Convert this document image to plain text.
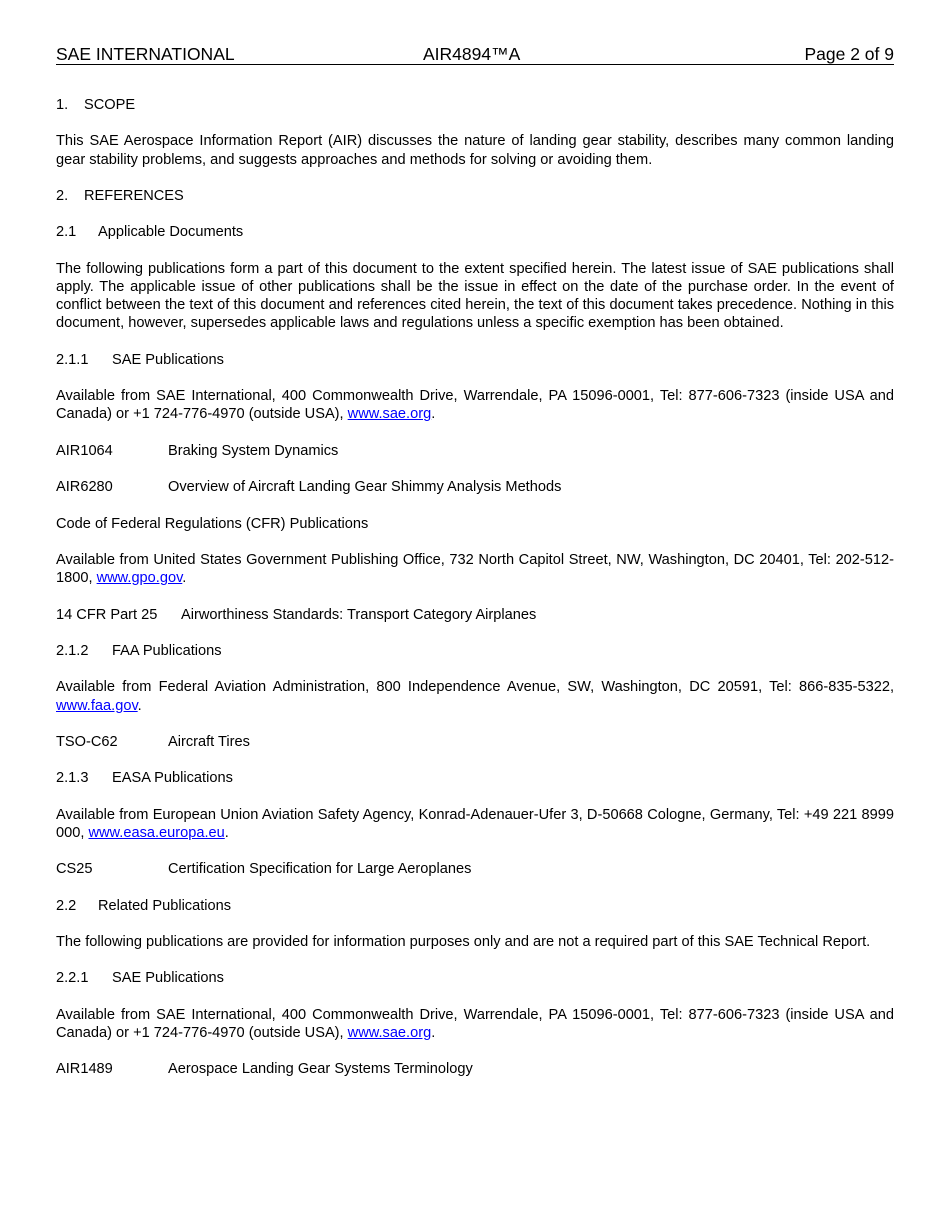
SAE INTERNATIONAL	AIR4894™A	Page 2 of 9
1. SCOPE
This SAE Aerospace Information Report (AIR) discusses the nature of landing gear stability, describes many common landing gear stability problems, and suggests approaches and methods for solving or avoiding them.
2. REFERENCES
2.1 Applicable Documents
The following publications form a part of this document to the extent specified herein. The latest issue of SAE publications shall apply. The applicable issue of other publications shall be the issue in effect on the date of the purchase order. In the event of conflict between the text of this document and references cited herein, the text of this document takes precedence. Nothing in this document, however, supersedes applicable laws and regulations unless a specific exemption has been obtained.
2.1.1 SAE Publications
Available from SAE International, 400 Commonwealth Drive, Warrendale, PA 15096-0001, Tel: 877-606-7323 (inside USA and Canada) or +1 724-776-4970 (outside USA), www.sae.org.
AIR1064	Braking System Dynamics
AIR6280	Overview of Aircraft Landing Gear Shimmy Analysis Methods
Code of Federal Regulations (CFR) Publications
Available from United States Government Publishing Office, 732 North Capitol Street, NW, Washington, DC 20401, Tel: 202-512-1800, www.gpo.gov.
14 CFR Part 25	Airworthiness Standards: Transport Category Airplanes
2.1.2 FAA Publications
Available from Federal Aviation Administration, 800 Independence Avenue, SW, Washington, DC 20591, Tel: 866-835-5322, www.faa.gov.
TSO-C62	Aircraft Tires
2.1.3 EASA Publications
Available from European Union Aviation Safety Agency, Konrad-Adenauer-Ufer 3, D-50668 Cologne, Germany, Tel: +49 221 8999 000, www.easa.europa.eu.
CS25	Certification Specification for Large Aeroplanes
2.2 Related Publications
The following publications are provided for information purposes only and are not a required part of this SAE Technical Report.
2.2.1 SAE Publications
Available from SAE International, 400 Commonwealth Drive, Warrendale, PA 15096-0001, Tel: 877-606-7323 (inside USA and Canada) or +1 724-776-4970 (outside USA), www.sae.org.
AIR1489	Aerospace Landing Gear Systems Terminology
